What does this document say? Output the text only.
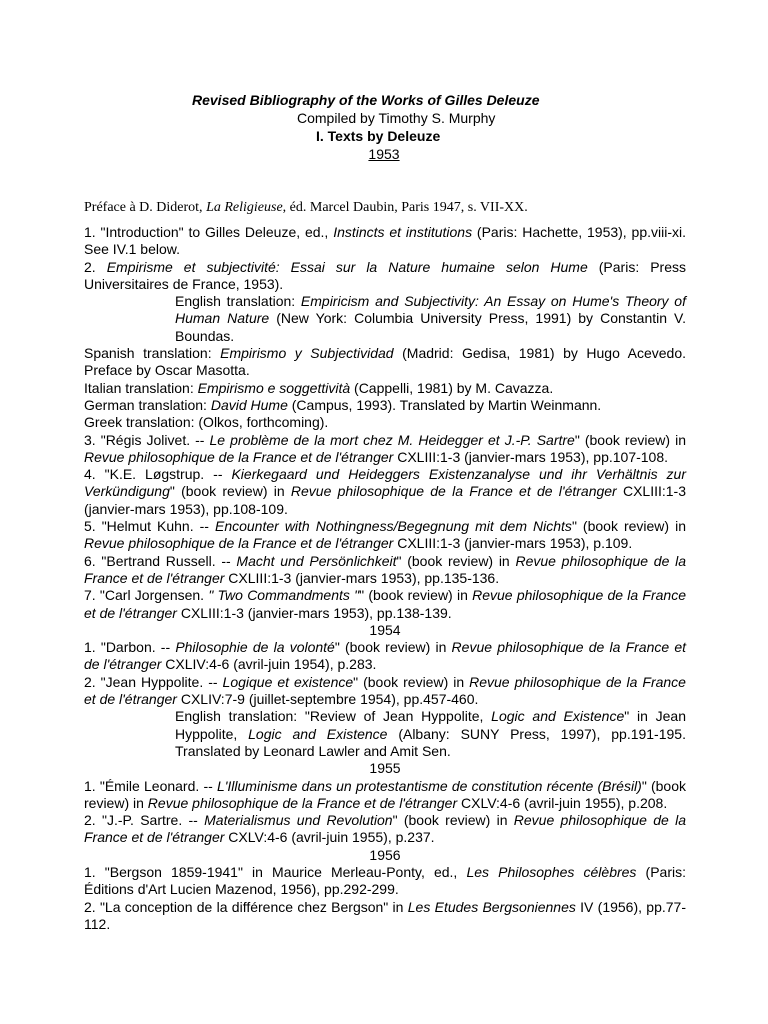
Revised Bibliography of the Works of Gilles Deleuze
Compiled by Timothy S. Murphy
I. Texts by Deleuze
1953
Préface à D. Diderot, La Religieuse, éd. Marcel Daubin, Paris 1947, s. VII-XX.

1. "Introduction" to Gilles Deleuze, ed., Instincts et institutions (Paris: Hachette, 1953), pp.viii-xi. See IV.1 below.

2. Empirisme et subjectivité: Essai sur la Nature humaine selon Hume (Paris: Press Universitaires de France, 1953).

English translation: Empiricism and Subjectivity: An Essay on Hume's Theory of Human Nature (New York: Columbia University Press, 1991) by Constantin V. Boundas.

Spanish translation: Empirismo y Subjectividad (Madrid: Gedisa, 1981) by Hugo Acevedo. Preface by Oscar Masotta.

Italian translation: Empirismo e soggettività (Cappelli, 1981) by M. Cavazza.

German translation: David Hume (Campus, 1993). Translated by Martin Weinmann.

Greek translation: (Olkos, forthcoming).

3. "Régis Jolivet. -- Le problème de la mort chez M. Heidegger et J.-P. Sartre" (book review) in Revue philosophique de la France et de l'étranger CXLIII:1-3 (janvier-mars 1953), pp.107-108.

4. "K.E. Løgstrup. -- Kierkegaard und Heideggers Existenzanalyse und ihr Verhältnis zur Verkündigung" (book review) in Revue philosophique de la France et de l'étranger CXLIII:1-3 (janvier-mars 1953), pp.108-109.

5. "Helmut Kuhn. -- Encounter with Nothingness/Begegnung mit dem Nichts" (book review) in Revue philosophique de la France et de l'étranger CXLIII:1-3 (janvier-mars 1953), p.109.

6. "Bertrand Russell. -- Macht und Persönlichkeit" (book review) in Revue philosophique de la France et de l'étranger CXLIII:1-3 (janvier-mars 1953), pp.135-136.

7. "Carl Jorgensen. " Two Commandments "" (book review) in Revue philosophique de la France et de l'étranger CXLIII:1-3 (janvier-mars 1953), pp.138-139.

1954

1. "Darbon. -- Philosophie de la volonté" (book review) in Revue philosophique de la France et de l'étranger CXLIV:4-6 (avril-juin 1954), p.283.

2. "Jean Hyppolite. -- Logique et existence" (book review) in Revue philosophique de la France et de l'étranger CXLIV:7-9 (juillet-septembre 1954), pp.457-460.

English translation: "Review of Jean Hyppolite, Logic and Existence" in Jean Hyppolite, Logic and Existence (Albany: SUNY Press, 1997), pp.191-195. Translated by Leonard Lawler and Amit Sen.

1955

1. "Émile Leonard. -- L'Illuminisme dans un protestantisme de constitution récente (Brésil)" (book review) in Revue philosophique de la France et de l'étranger CXLV:4-6 (avril-juin 1955), p.208.

2. "J.-P. Sartre. -- Materialismus und Revolution" (book review) in Revue philosophique de la France et de l'étranger CXLV:4-6 (avril-juin 1955), p.237.

1956

1. "Bergson 1859-1941" in Maurice Merleau-Ponty, ed., Les Philosophes célèbres (Paris: Éditions d'Art Lucien Mazenod, 1956), pp.292-299.

2. "La conception de la différence chez Bergson" in Les Etudes Bergsoniennes IV (1956), pp.77-112.
